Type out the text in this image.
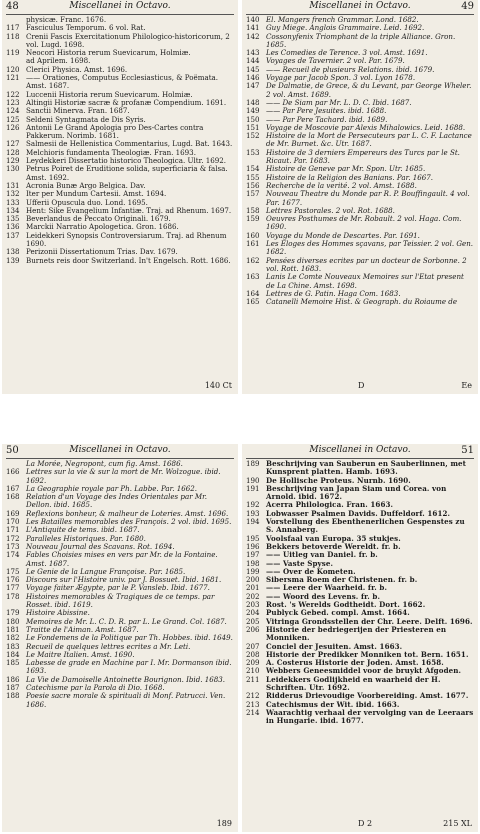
48	Miscellanei in Octavo.
physicæ. Franc. 1676.
117 Fasciculus Temporum. 6 vol. Rat.
118 Crenii Fascis Exercitationum Philologico-historicorum, 2 vol. Lugd. 1698.
119 Neocori Historia rerum Suevicarum, Holmiæ.
ad Aprilem. 1698.
120 Clerici Physica. Amst. 1696.
121 —— Orationes, Computus Ecclesiasticus, & Poëmata. Amst. 1687.
122 Luccenii Historia rerum Suevicarum. Holmiæ.
123 Altingii Historiæ sacræ & profanæ Compendium. 1691.
124 Sanctii Minerva. Fran. 1687.
125 Seldeni Syntagmata de Dis Syris.
126 Antonii Le Grand Apologia pro Des-Cartes contra Pakkerum. Norimb. 1681.
127 Salmesii de Hellenistica Commentarius, Lugd. Bat. 1643.
128 Melchioris fundamenta Theologiæ. Fran. 1693.
129 Leydekkeri Dissertatio historico Theologica. Ultr. 1692.
130 Petrus Poiret de Eruditione solida, superficiaria & falsa. Amst. 1692.
131 Acronia Bunæ Argo Belgica. Dav.
132 Iter per Mundum Cartesii. Amst. 1694.
133 Ufferii Opuscula duo. Lond. 1695.
134 Hent: Sike Evangelium Infantiæ. Traj. ad Rhenum. 1697.
135 Beverlandus de Peccato Originali. 1679.
136 Marckii Narratio Apologetica. Gron. 1686.
137 Leidekkeri Synopsis Controversiarum. Traj. ad Rhenum 1690.
138 Perizonii Dissertationum Trias. Dav. 1679.
139 Burnets reis door Switzerland. In't Engelsch. Rott. 1686.
140 Ct
Miscellanei in Octavo.	49
140 El. Mangers french Grammar. Lond. 1682.
141 Guy Miege. Anglois Grammaire. Leid. 1692.
142 Cossonyfenix Triomphant de la triple Alliance. Gron. 1685.
143 Les Comedies de Terence. 3 vol. Amst. 1691.
144 Voyages de Tavernier. 2 vol. Par. 1679.
145 —— Recueil de plusieurs Relations. ibid. 1679.
146 Voyage par Jacob Spon. 3 vol. Lyon 1678.
147 De Dalmatie, de Grece, & du Levant, par George Wheler. 2 vol. Amst. 1689.
148 —— De Siam par Mr. L. D. C. Ibid. 1687.
149 —— Par Pere Jesuites. ibid. 1688.
150 —— Par Pere Tachard. ibid. 1689.
151 Voyage de Moscovie par Alexis Mihalowics. Leid. 1688.
152 Histoire de la Mort de Persecuteurs par L. C. F. Lactance de Mr. Burnet. &c. Utr. 1687.
153 Histoire de 3 derniers Empereurs des Turcs par le St. Ricaut. Par. 1683.
154 Histoire de Geneve par Mr. Spon. Utr. 1685.
155 Histoire de la Religion des Banians. Par. 1667.
156 Recherche de la verité. 2 vol. Amst. 1688.
157 Nouveau Theatre du Monde par R. P. Bouffingault. 4 vol. Par. 1677.
158 Lettres Pastorales. 2 vol. Rot. 1688.
159 Oeuvres Posthumes de Mr. Robault. 2 vol. Haga. Com. 1690.
160 Voyage du Monde de Descartes. Par. 1691.
161 Les Eloges des Hommes sçavans, par Teissier. 2 vol. Gen. 1682.
162 Pensées diverses ecrites par un docteur de Sorbonne. 2 vol. Rott. 1683.
163 Lanis Le Comte Nouveaux Memoires sur l'Etat present de La Chine. Amst. 1698.
164 Lettres de G. Patin. Haga Com. 1683.
165 Catanelli Memoire Hist. & Geograph. du Roiaume de
D	Ee
50	Miscellanei in Octavo.
La Morée, Negropont, cum fig. Amst. 1686.
166 Lettres sur la vie & sur la mort de Mr. Wolzogue. ibid. 1692.
167 La Geographie royale par Ph. Labbe. Par. 1662.
168 Relation d'un Voyage des Indes Orientales par Mr. Dellon. ibid. 1685.
169 Reflexions bonheur, & malheur de Loteries. Amst. 1696.
170 Les Batailles memorables des François. 2 vol. ibid. 1695.
171 L'Antiquite de tems. ibid. 1687.
172 Paralleles Historiques. Par. 1680.
173 Nouveau Journal des Scavans. Rot. 1694.
174 Fables Choisies mises en vers par Mr. de la Fontaine. Amst. 1687.
175 Le Genie de la Langue Françoise. Par. 1685.
176 Discours sur l'Histoire univ. par J. Bossuet. Ibid. 1681.
177 Voyage faiter Ægypte, par le P. Vansleb. Ibid. 1677.
178 Histoires memorables & Tragiques de ce temps. par Rosset. ibid. 1619.
179 Histoire Abissine.
180 Memoires de Mr. L. C. D. R. par L. Le Grand. Col. 1687.
181 Traitte de l'Aiman. Amst. 1687.
182 Le Fondemens de la Politique par Th. Hobbes. ibid. 1649.
183 Recueil de quelques lettres ecrites a Mr. Leti.
184 Le Maitre Italien. Amst. 1690.
185 Labesse de grade en Machine par I. Mr. Dormanson ibid. 1693.
186 La Vie de Damoiselle Antoinette Bourignon. Ibid. 1683.
187 Catechisme par la Parola di Dio. 1668.
188 Poesie sacre morale & spirituali di Monf. Patrucci. Ven. 1686.
189
Miscellanei in Octavo.	51
189 Beschrijving van Sauberun en Sauberlinnen, met Kunsprent platten. Hamb. 1693.
190 De Hollische Proteus. Nurnb. 1690.
191 Beschrijving van Japan Siam und Corea. von Arnold. ibid. 1672.
192 Acerra Philologica. Fran. 1663.
193 Lobwasser Psalmen Davids. Duffeldorf. 1612.
194 Vorstellung des Ebenthenerlichen Gespenstes zu S. Annaberg.
195 Voolsfaal van Europa. 35 stukjes.
196 Bekkers betoverde Wereldt. fr. b.
197 —— Uitleg van Daniel. fr. b.
198 —— Vaste Spyse.
199 —— Over de Kometen.
200 Sibersma Roem der Christenen. fr. b.
201 —— Leere der Waarheid. fr. b.
202 —— Woord des Levens. fr. b.
203 Rost. 's Werelds Godtheidt. Dort. 1662.
204 Publyck Gebed. compl. Amst. 1664.
205 Vitringa Grondsstellen der Chr. Leere. Delft. 1696.
206 Historie der bedriegerijen der Priesteren en Monniken.
207 Conciel der Jesuiten. Amst. 1663.
208 Historie der Predikker Monniken tot. Bern. 1651.
209 A. Costerus Historie der Joden. Amst. 1658.
210 Webbers Geneesmiddel voor de bruykt Afgoden.
211 Leidekkers Godlijkheid en waarheid der H. Schriften. Utr. 1692.
212 Ridderus Drievoudige Voorbereiding. Amst. 1677.
213 Catechismus der Wit. ibid. 1663.
214 Waarachtig verhaal der vervolging van de Leeraars in Hungarie. ibid. 1677.
D 2	215 XL
